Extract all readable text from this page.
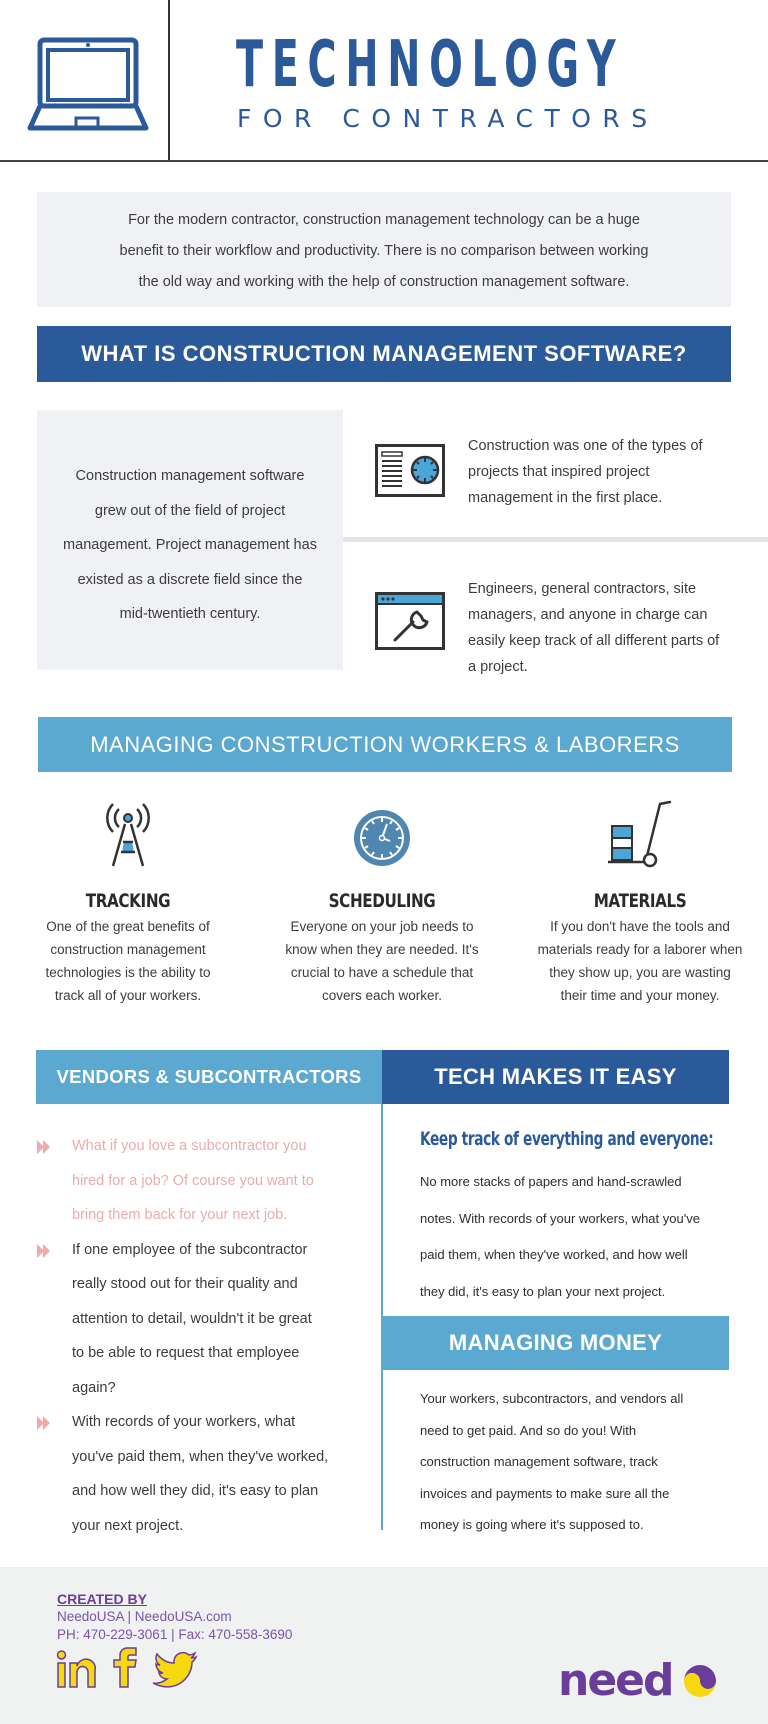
TECHNOLOGY
FOR CONTRACTORS

For the modern contractor, construction management technology can be a huge

benefit to their workflow and productivity. There is no comparison between working

the old way and working with the help of construction management software.

WHAT IS CONSTRUCTION MANAGEMENT SOFTWARE?

Construction management software

grew out of the field of project

management. Project management has

existed as a discrete field since the

mid-twentieth century.

Construction was one of the types of
projects that inspired project
management in the first place.
Engineers, general contractors, site
managers, and anyone in charge can
easily keep track of all different parts of
a project.
MANAGING CONSTRUCTION WORKERS & LABORERS
TRACKING
One of the great benefits of
construction management
technologies is the ability to
track all of your workers.
SCHEDULING
Everyone on your job needs to
know when they are needed. It's
crucial to have a schedule that
covers each worker.
MATERIALS
If you don't have the tools and
materials ready for a laborer when
they show up, you are wasting
their time and your money.
VENDORS & SUBCONTRACTORS	TECH MAKES IT EASY
What if you love a subcontractor you
hired for a job? Of course you want to
bring them back for your next job.
If one employee of the subcontractor
really stood out for their quality and
attention to detail, wouldn't it be great
to be able to request that employee
again?
With records of your workers, what
you've paid them, when they've worked,
and how well they did, it's easy to plan
your next project.
Keep track of everything and everyone:
No more stacks of papers and hand-scrawled
notes. With records of your workers, what you've
paid them, when they've worked, and how well
they did, it's easy to plan your next project.
MANAGING MONEY
Your workers, subcontractors, and vendors all
need to get paid. And so do you! With
construction management software, track
invoices and payments to make sure all the
money is going where it's supposed to.
CREATED BY
NeedoUSA | NeedoUSA.com
PH: 470-229-3061 | Fax: 470-558-3690
need
